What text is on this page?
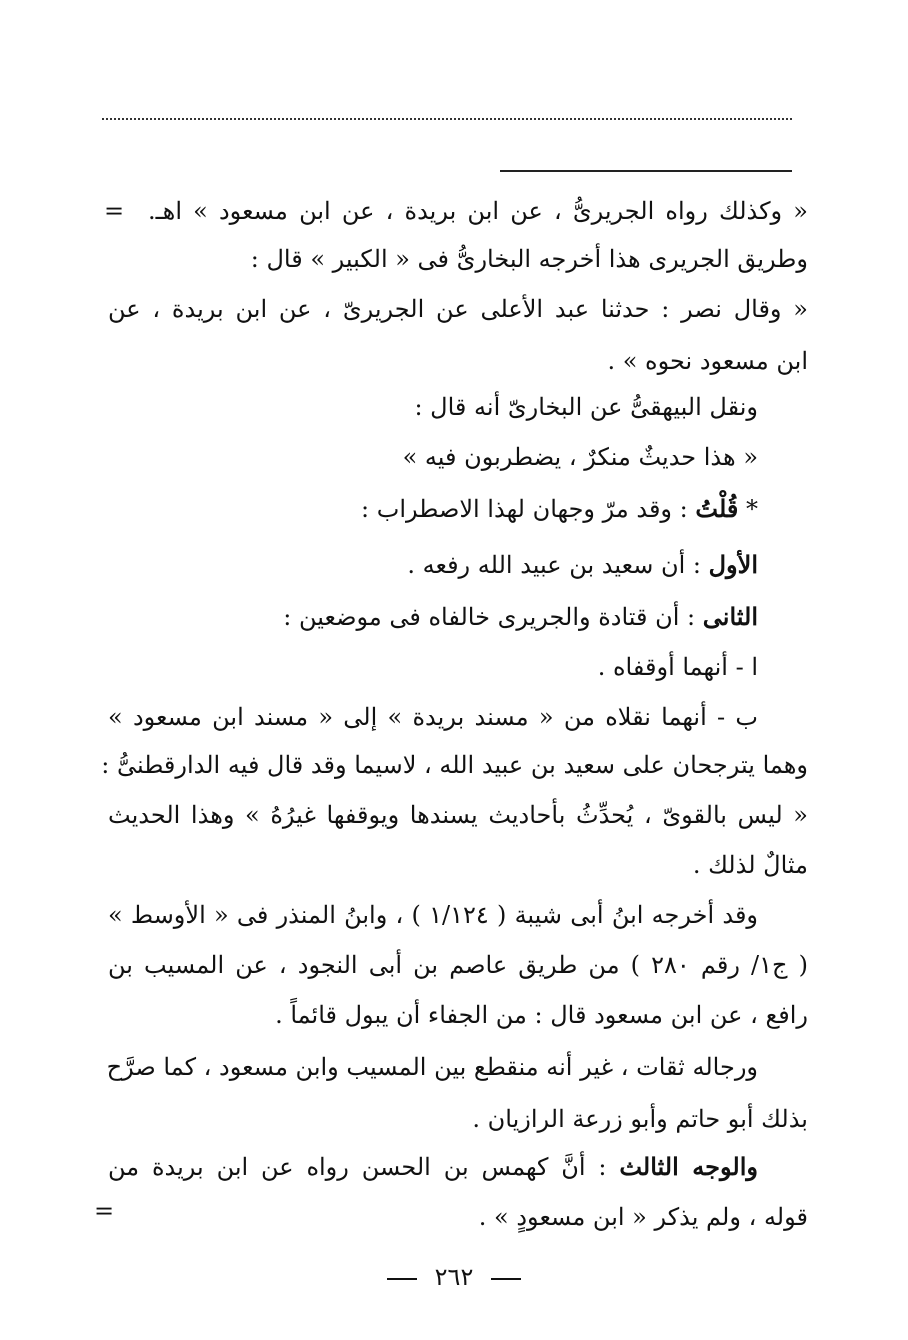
= « وكذلك رواه الجريرىُّ ، عن ابن بريدة ، عن ابن مسعود » اهـ.
وطريق الجريرى هذا أخرجه البخارىُّ فى « الكبير » قال :
« وقال نصر : حدثنا عبد الأعلى عن الجريرىّ ، عن ابن بريدة ، عن
ابن مسعود نحوه » .
ونقل البيهقىُّ عن البخارىّ أنه قال :
« هذا حديثٌ منكرٌ ، يضطربون فيه »
* قُلْتُ : وقد مرّ وجهان لهذا الاصطراب :
الأول : أن سعيد بن عبيد الله رفعه .
الثانى : أن قتادة والجريرى خالفاه فى موضعين :
ا - أنهما أوقفاه .
ب - أنهما نقلاه من « مسند بريدة » إلى « مسند ابن مسعود »
وهما يترجحان على سعيد بن عبيد الله ، لاسيما وقد قال فيه الدارقطنىُّ :
« ليس بالقوىّ ، يُحدِّثُ بأحاديث يسندها ويوقفها غيرُهُ » وهذا الحديث
مثالٌ لذلك .
وقد أخرجه ابنُ أبى شيبة ( ١/١٢٤ ) ، وابنُ المنذر فى « الأوسط »
( ج١/ رقم ٢٨٠ ) من طريق عاصم بن أبى النجود ، عن المسيب بن
رافع ، عن ابن مسعود قال : من الجفاء أن يبول قائماً .
ورجاله ثقات ، غير أنه منقطع بين المسيب وابن مسعود ، كما صرَّح
بذلك أبو حاتم وأبو زرعة الرازيان .
والوجه الثالث : أنَّ كهمس بن الحسن رواه عن ابن بريدة من
=	قوله ، ولم يذكر « ابن مسعودٍ » .
٢٦٢
